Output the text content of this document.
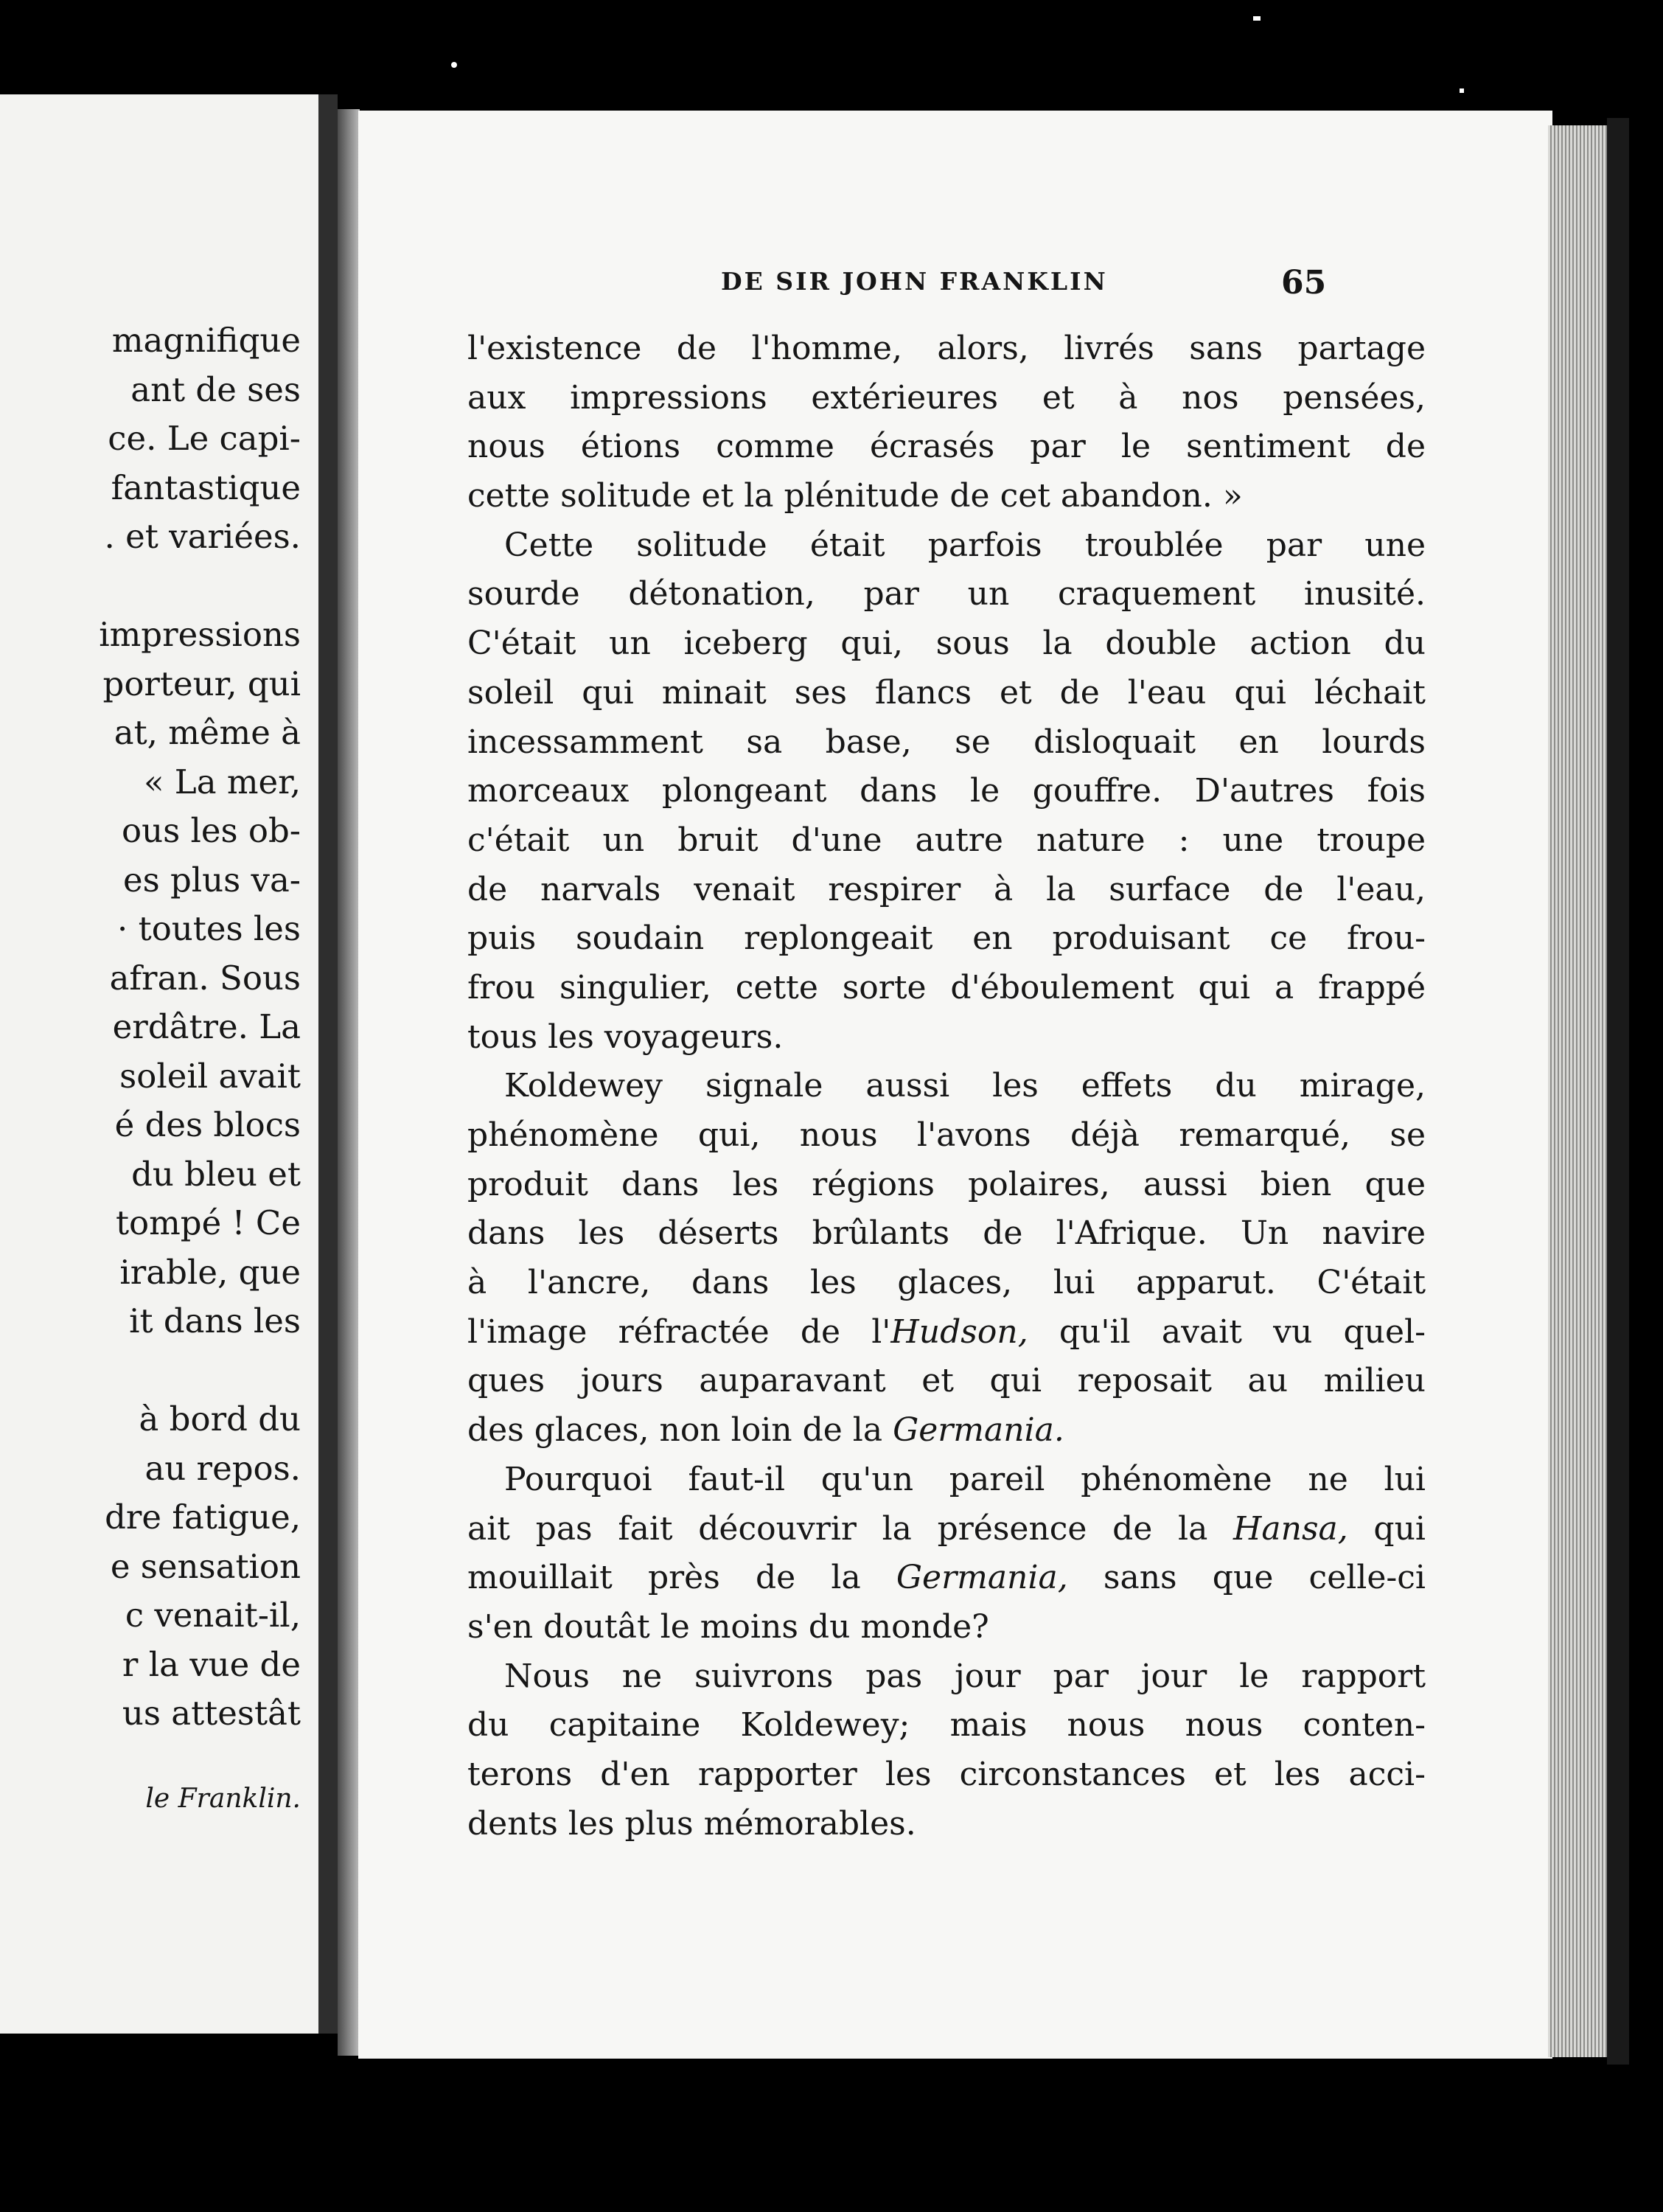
magnifique
ant de ses
ce. Le capi-
fantastique
. et variées.
impressions
porteur, qui
at, même à
« La mer,
ous les ob-
es plus va-
· toutes les
afran. Sous
erdâtre. La
soleil avait
é des blocs
du bleu et
tompé ! Ce
irable, que
it dans les
à bord du
au repos.
dre fatigue,
e sensation
c venait-il,
r la vue de
us attestât
le Franklin.
l'existence de l'homme, alors, livrés sans partage
aux impressions extérieures et à nos pensées,
nous étions comme écrasés par le sentiment de
cette solitude et la plénitude de cet abandon. »
Cette solitude était parfois troublée par une
sourde détonation, par un craquement inusité.
C'était un iceberg qui, sous la double action du
soleil qui minait ses flancs et de l'eau qui léchait
incessamment sa base, se disloquait en lourds
morceaux plongeant dans le gouffre. D'autres fois
c'était un bruit d'une autre nature : une troupe
de narvals venait respirer à la surface de l'eau,
puis soudain replongeait en produisant ce frou-
frou singulier, cette sorte d'éboulement qui a frappé
tous les voyageurs.
Koldewey signale aussi les effets du mirage,
phénomène qui, nous l'avons déjà remarqué, se
produit dans les régions polaires, aussi bien que
dans les déserts brûlants de l'Afrique. Un navire
à l'ancre, dans les glaces, lui apparut. C'était
l'image réfractée de l'Hudson, qu'il avait vu quel-
ques jours auparavant et qui reposait au milieu
des glaces, non loin de la Germania.
Pourquoi faut-il qu'un pareil phénomène ne lui
ait pas fait découvrir la présence de la Hansa, qui
mouillait près de la Germania, sans que celle-ci
s'en doutât le moins du monde?
Nous ne suivrons pas jour par jour le rapport
du capitaine Koldewey; mais nous nous conten-
terons d'en rapporter les circonstances et les acci-
dents les plus mémorables.
DE SIR JOHN FRANKLIN	65
